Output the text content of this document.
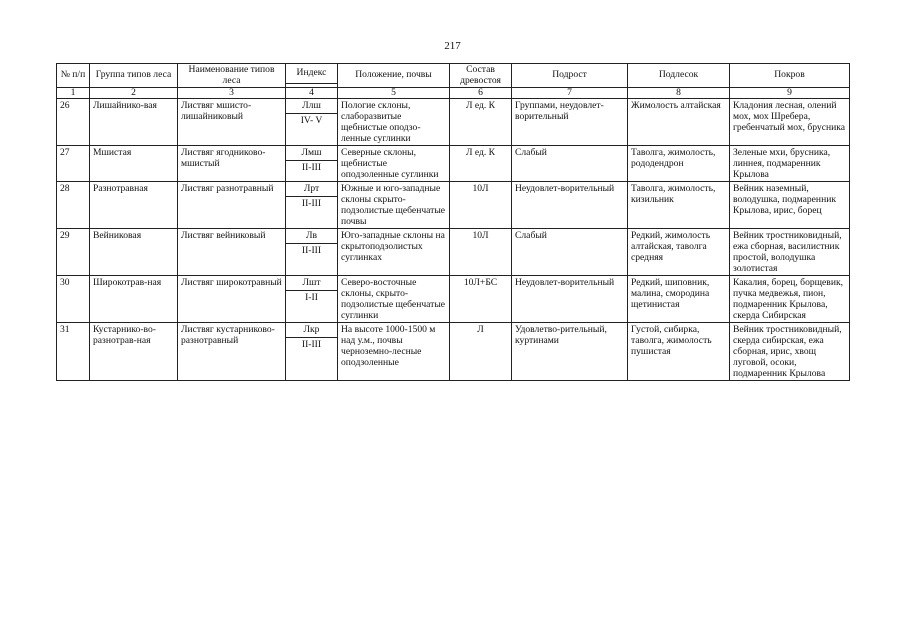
217
№ п/п	Группа типов леса	Наименование типов леса	Индекс	Положение, почвы	Состав древостоя	Подрост	Подлесок	Покров

1	2	3	4	5	6	7	8	9
26	Лишайнико-вая	Листвяг мшисто-лишайниковый	Ллш	Пологие склоны, слаборазвитые щебнистые оподзо-ленные суглинки	Л ед. К	Группами, неудовлет-ворительный	Жимолость алтайская	Кладония лесная, олений мох, мох Шребера, гребенчатый мох, брусника
			IV- V					
27	Мшистая	Листвяг ягодниково-мшистый	Лмш	Северные склоны, щебнистые оподзоленные суглинки	Л ед. К	Слабый	Таволга, жимолость, рододендрон	Зеленые мхи, брусника, линнея, подмаренник Крылова
			II-III					
28	Разнотравная	Листвяг разнотравный	Лрт	Южные и юго-западные склоны скрыто-подзолистые щебенчатые почвы	10Л	Неудовлет-ворительный	Таволга, жимолость, кизильник	Вейник наземный, володушка, подмаренник Крылова, ирис, борец
			II-III					
29	Вейниковая	Листвяг вейниковый	Лв	Юго-западные склоны на скрытоподзолистых суглинках	10Л	Слабый	Редкий, жимолость алтайская, таволга средняя	Вейник тростниковидный, ежа сборная, василистник простой, володушка золотистая
			II-III					
30	Широкотрав-ная	Листвяг широкотравный	Лшт	Северо-восточные склоны, скрыто-подзолистые щебенчатые суглинки	10Л+БС	Неудовлет-ворительный	Редкий, шиповник, малина, смородина щетинистая	Какалия, борец, борщевик, пучка медвежья, пион, подмаренник Крылова, скерда Сибирская
			I-II					
31	Кустарнико-во-разнотрав-ная	Листвяг кустарниково-разнотравный	Лкр	На высоте 1000-1500 м над у.м., почвы черноземно-лесные оподзоленные	Л	Удовлетво-рительный, куртинами	Густой, сибирка, таволга, жимолость пушистая	Вейник тростниковидный, скерда сибирская, ежа сборная, ирис, хвощ луговой, осоки, подмаренник Крылова
			II-III					
